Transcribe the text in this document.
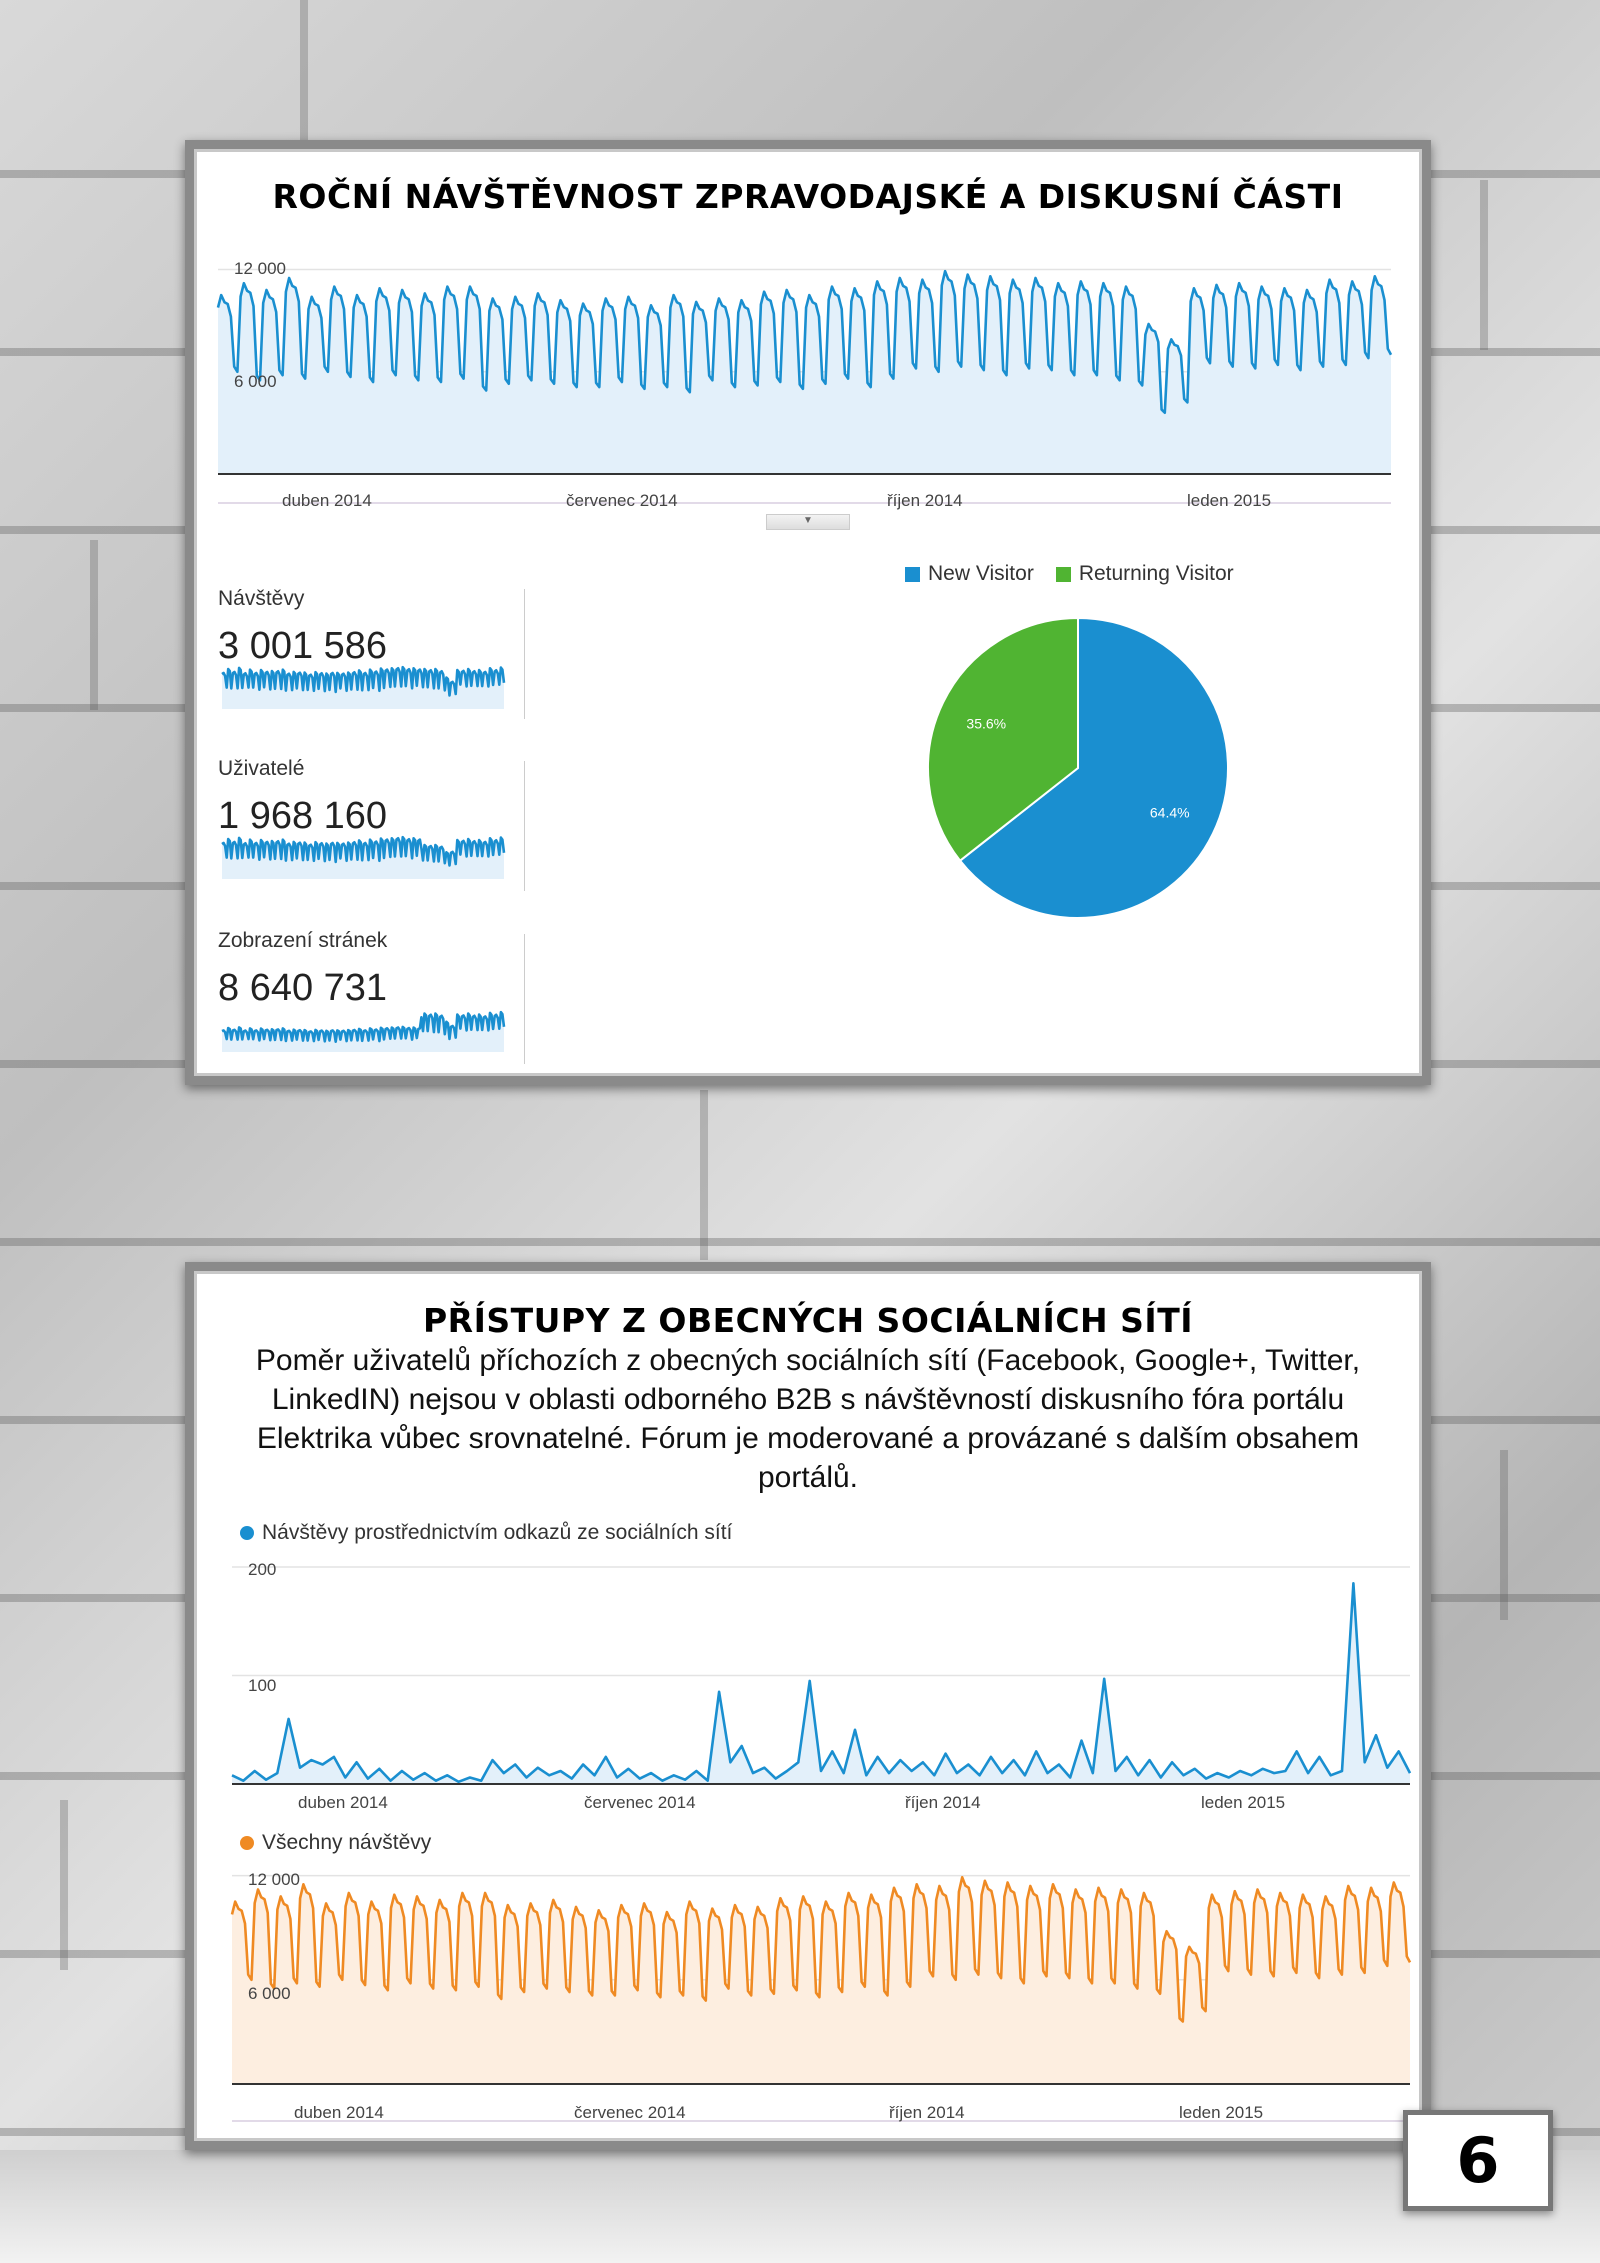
ROČNÍ NÁVŠTĚVNOST ZPRAVODAJSKÉ A DISKUSNÍ ČÁSTI
12 000
6 000
duben 2014	červenec 2014	říjen 2014	leden 2015
▼
New Visitor Returning Visitor
64.4%
35.6%
Návštěvy
3 001 586
Uživatelé
1 968 160
Zobrazení stránek
8 640 731
PŘÍSTUPY Z OBECNÝCH SOCIÁLNÍCH SÍTÍ
Poměr uživatelů příchozích z obecných sociálních sítí (Facebook, Google+, Twitter, LinkedIN) nejsou v oblasti odborného B2B s návštěvností diskusního fóra portálu Elektrika vůbec srovnatelné. Fórum je moderované a provázané s dalším obsahem portálů.
Návštěvy prostřednictvím odkazů ze sociálních sítí
200
100
duben 2014	červenec 2014	říjen 2014	leden 2015
Všechny návštěvy
12 000
6 000
duben 2014	červenec 2014	říjen 2014	leden 2015
6
